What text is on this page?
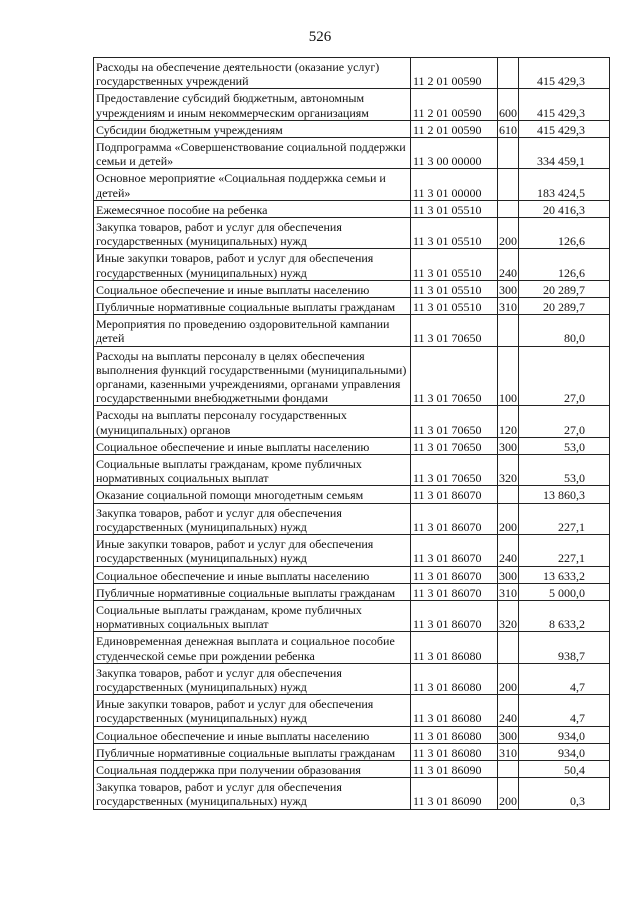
526
Расходы на обеспечение деятельности (оказание услуг) государственных учреждений	11 2 01 00590		415 429,3
Предоставление субсидий бюджетным, автономным учреждениям и иным некоммерческим организациям	11 2 01 00590	600	415 429,3
Субсидии бюджетным учреждениям	11 2 01 00590	610	415 429,3
Подпрограмма «Совершенствование социальной поддержки семьи и детей»	11 3 00 00000		334 459,1
Основное мероприятие «Социальная поддержка семьи и детей»	11 3 01 00000		183 424,5
Ежемесячное пособие на ребенка	11 3 01 05510		20 416,3
Закупка товаров, работ и услуг для обеспечения государственных (муниципальных) нужд	11 3 01 05510	200	126,6
Иные закупки товаров, работ и услуг для обеспечения государственных (муниципальных) нужд	11 3 01 05510	240	126,6
Социальное обеспечение и иные выплаты населению	11 3 01 05510	300	20 289,7
Публичные нормативные социальные выплаты гражданам	11 3 01 05510	310	20 289,7
Мероприятия по проведению оздоровительной кампании детей	11 3 01 70650		80,0
Расходы на выплаты персоналу в целях обеспечения выполнения функций государственными (муниципальными) органами, казенными учреждениями, органами управления государственными внебюджетными фондами	11 3 01 70650	100	27,0
Расходы на выплаты персоналу государственных (муниципальных) органов	11 3 01 70650	120	27,0
Социальное обеспечение и иные выплаты населению	11 3 01 70650	300	53,0
Социальные выплаты гражданам, кроме публичных нормативных социальных выплат	11 3 01 70650	320	53,0
Оказание социальной помощи многодетным семьям	11 3 01 86070		13 860,3
Закупка товаров, работ и услуг для обеспечения государственных (муниципальных) нужд	11 3 01 86070	200	227,1
Иные закупки товаров, работ и услуг для обеспечения государственных (муниципальных) нужд	11 3 01 86070	240	227,1
Социальное обеспечение и иные выплаты населению	11 3 01 86070	300	13 633,2
Публичные нормативные социальные выплаты гражданам	11 3 01 86070	310	5 000,0
Социальные выплаты гражданам, кроме публичных нормативных социальных выплат	11 3 01 86070	320	8 633,2
Единовременная денежная выплата и социальное пособие студенческой семье при рождении ребенка	11 3 01 86080		938,7
Закупка товаров, работ и услуг для обеспечения государственных (муниципальных) нужд	11 3 01 86080	200	4,7
Иные закупки товаров, работ и услуг для обеспечения государственных (муниципальных) нужд	11 3 01 86080	240	4,7
Социальное обеспечение и иные выплаты населению	11 3 01 86080	300	934,0
Публичные нормативные социальные выплаты гражданам	11 3 01 86080	310	934,0
Социальная поддержка при получении образования	11 3 01 86090		50,4
Закупка товаров, работ и услуг для обеспечения государственных (муниципальных) нужд	11 3 01 86090	200	0,3
